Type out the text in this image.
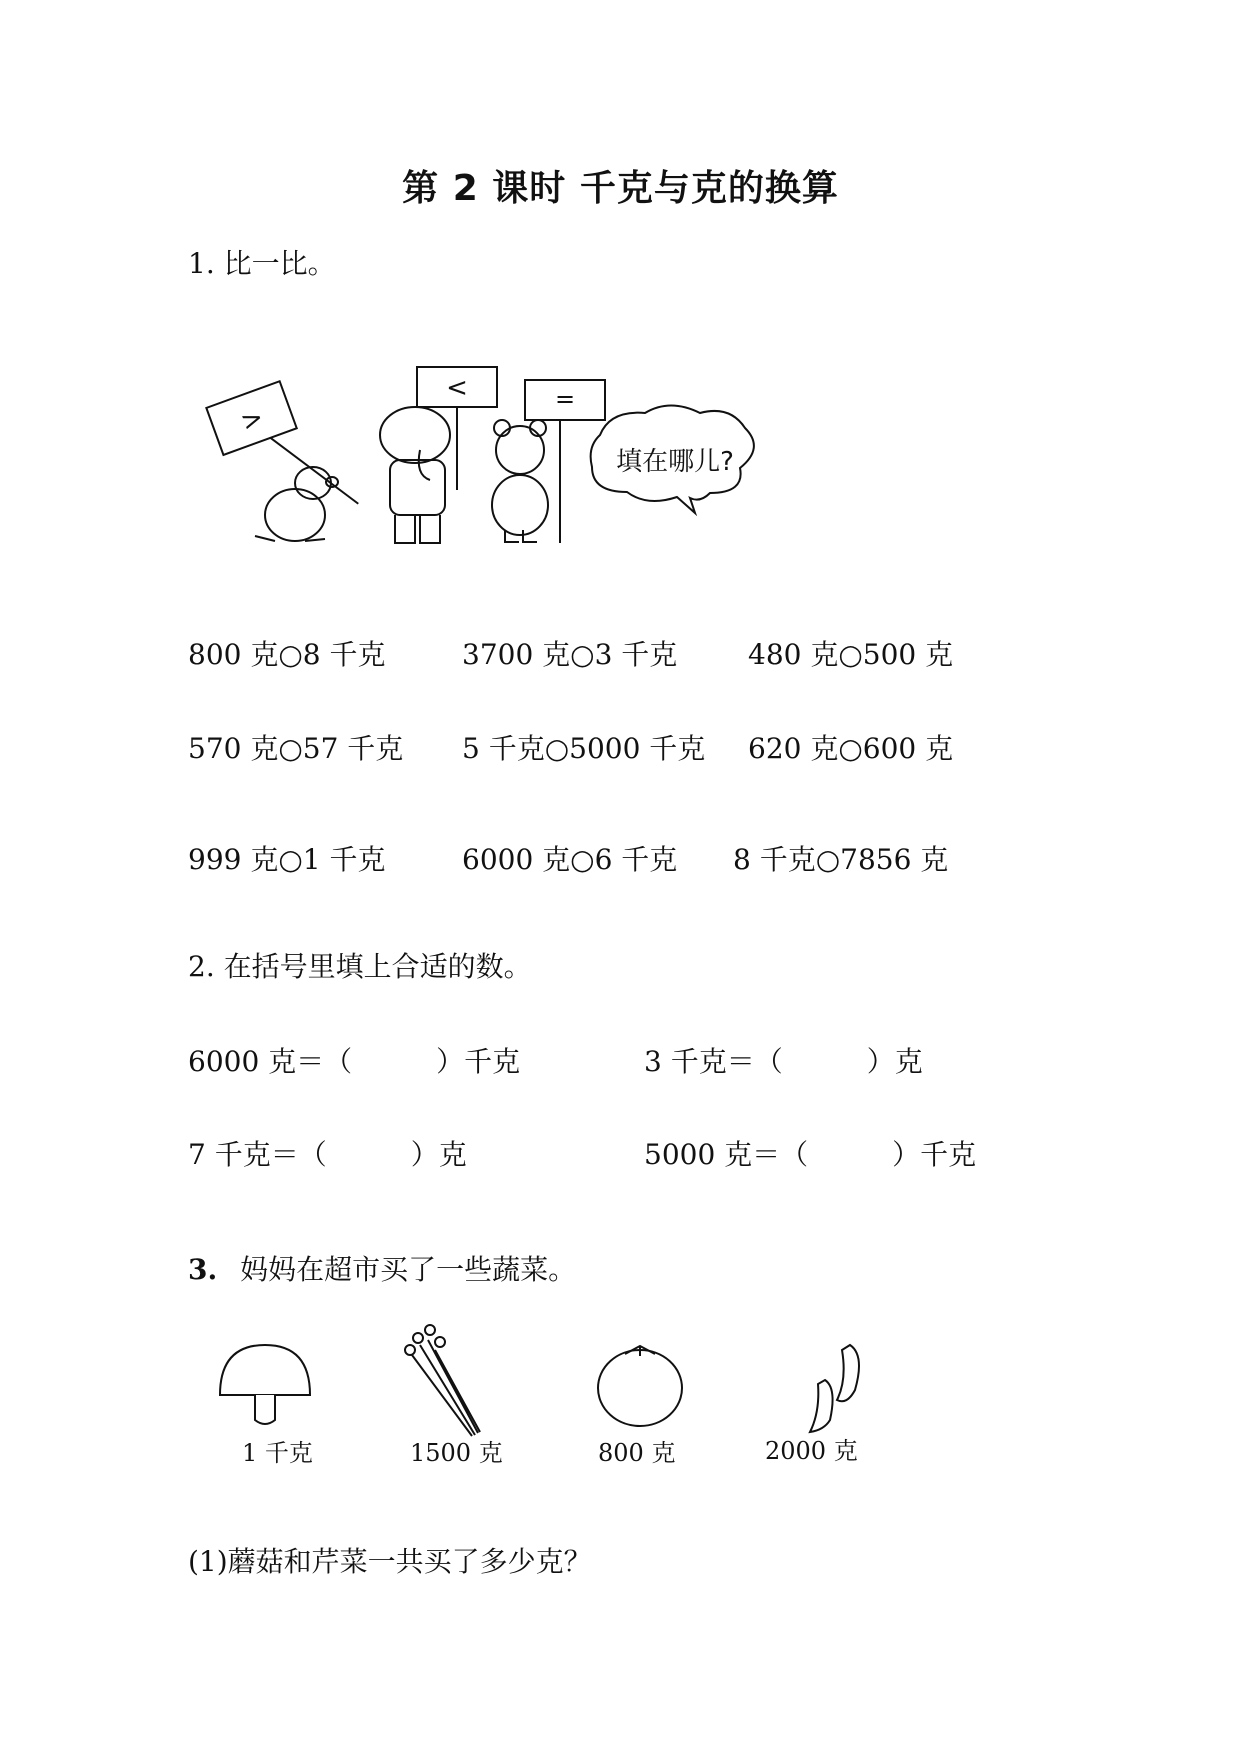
第 2 课时 千克与克的换算
1. 比一比。
>
<	=
填在哪儿?
800 克○8 千克	3700 克○3 千克	480 克○500 克
570 克○57 千克 5 千克○5000 千克 620 克○600 克
999 克○1 千克	6000 克○6 千克 8 千克○7856 克
2. 在括号里填上合适的数。
6000 克＝（　　　）千克	3 千克＝（　　　）克
7 千克＝（　　　）克	5000 克＝（　　　）千克
3. 妈妈在超市买了一些蔬菜。
1 千克	1500 克	800 克	2000 克
(1)蘑菇和芹菜一共买了多少克？
